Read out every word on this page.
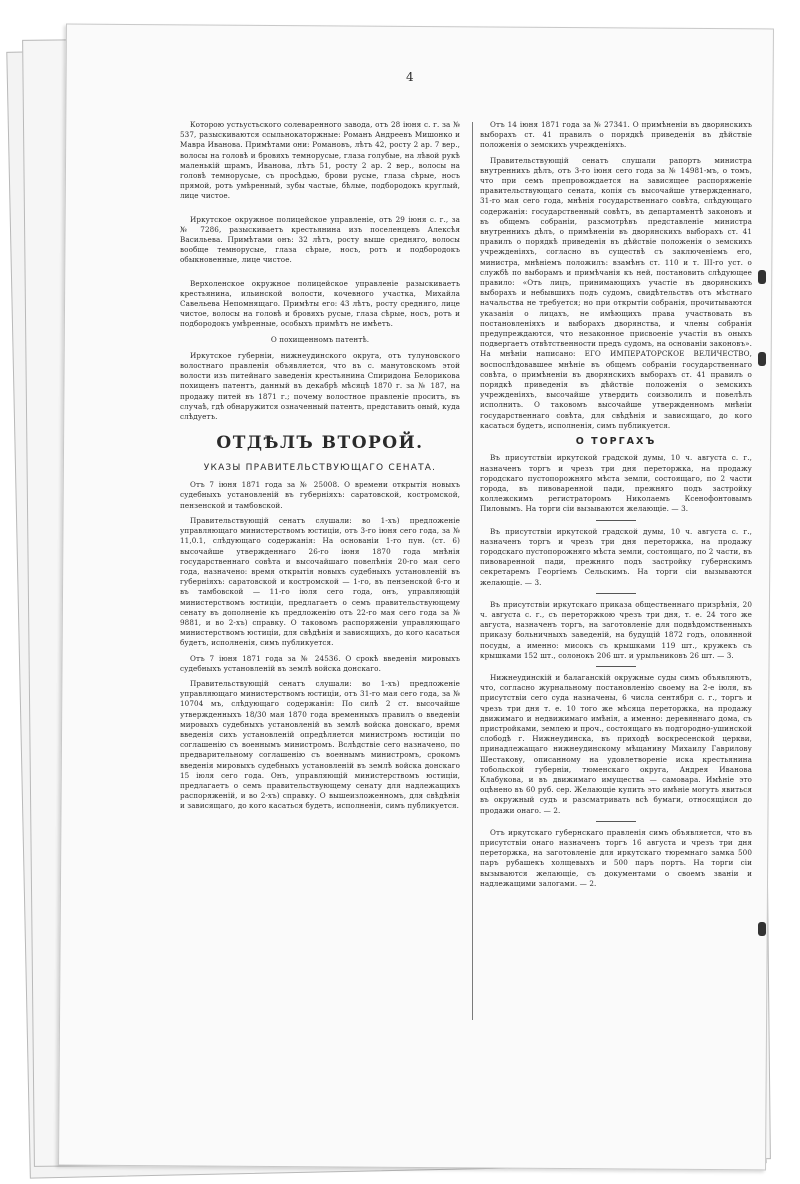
4

Которою устьустьского солеваренного завода, отъ 28 іюня с. г. за № 537, разыскиваются ссыльнокаторжные: Романъ Андреевъ Мишонко и Маврa Иванова. Примѣтами они: Романовъ, лѣтъ 42, росту 2 ар. 7 вер., волосы на головѣ и бровяхъ темнорусые, глаза голубые, на лѣвой рукѣ маленькій шрамъ, Иванова, лѣтъ 51, росту 2 ар. 2 вер., волосы на головѣ темнорусые, съ просѣдью, брови русые, глаза сѣрые, носъ прямой, ротъ умѣренный, зубы частые, бѣлые, подбородокъ круглый, лице чистое.

Иркутское окружное полицейское управленіе, отъ 29 іюня с. г., за № 7286, разыскиваетъ крестьянина изъ поселенцевъ Алексѣя Васильева. Примѣтами онъ: 32 лѣтъ, росту выше средняго, волосы вообще темнорусые, глаза сѣрые, носъ, ротъ и подбородокъ обыкновенные, лице чистое.

Верхоленское окружное полицейское управленіе разыскиваетъ крестьянина, ильинской волости, кочевного участка, Михайла Савельева Непомнящаго. Примѣты его: 43 лѣтъ, росту средняго, лице чистое, волосы на головѣ и бровяхъ русые, глаза сѣрые, носъ, ротъ и подбородокъ умѣренные, особыхъ примѣтъ не имѣетъ.

О похищенномъ патентѣ.

Иркутское губерніи, нижнеудинского округа, отъ тулуновского волостнаго правленія объявляется, что въ с. манутовскомъ этой волости изъ питейнаго заведенія крестьянина Спиридона Белорикова похищенъ патентъ, данный въ декабрѣ мѣсяцѣ 1870 г. за № 187, на продажу питей въ 1871 г.; почему волостное правленіе проситъ, въ случаѣ, гдѣ обнаружится означенный патентъ, представить оный, куда слѣдуетъ.

ОТДѢЛЪ ВТОРОЙ.
УКАЗЫ ПРАВИТЕЛЬСТВУЮЩАГО СЕНАТА.

Отъ 7 іюня 1871 года за № 25008. О времени открытія новыхъ судебныхъ установленій въ губерніяхъ: саратовской, костромской, пензенской и тамбовской.

Правительствующій сенатъ слушали: во 1-хъ) предложеніе управляющаго министерствомъ юстиціи, отъ 3-го іюня сего года, за № 11,0.1, слѣдующаго содержанія: На основаніи 1-го пун. (ст. 6) высочайше утвержденнаго 26-го іюня 1870 года мнѣнія государственнаго совѣта и высочайшаго повелѣнія 20-го мая сего года, назначено: время открытія новыхъ судебныхъ установленій въ губерніяхъ: саратовской и костромской — 1-го, въ пензенской 6-го и въ тамбовской — 11-го іюля сего года, онъ, управляющій министерствомъ юстиціи, предлагаетъ о семъ правительствующему сенату въ дополненіе къ предложенію отъ 22-го мая сего года за № 9881, и во 2-хъ) справку. О таковомъ распоряженіи управляющаго министерствомъ юстиціи, для свѣдѣнія и зависящихъ, до кого касаться будетъ, исполненія, симъ публикуется.

Отъ 7 іюня 1871 года за № 24536. О срокѣ введенія мировыхъ судебныхъ установленій въ землѣ войска донскаго.

Правительствующій сенатъ слушали: во 1-хъ) предложеніе управляющаго министерствомъ юстиціи, отъ 31-го мая сего года, за № 10704 мъ, слѣдующаго содержанія: По силѣ 2 ст. высочайше утвержденныхъ 18/30 мая 1870 года временныхъ правилъ о введеніи мировыхъ судебныхъ установленій въ землѣ войска донскаго, время введенія сихъ установленій опредѣляется министромъ юстиціи по соглашенію съ военнымъ министромъ. Вслѣдствіе сего назначено, по предварительному соглашенію съ военнымъ министромъ, срокомъ введенія мировыхъ судебныхъ установленій въ землѣ войска донскаго 15 іюля сего года. Онъ, управляющій министерствомъ юстиціи, предлагаетъ о семъ правительствующему сенату для надлежащихъ распоряженій, и во 2-хъ) справку. О вышеизложенномъ, для свѣдѣнія и зависящаго, до кого касаться будетъ, исполненія, симъ публикуется.

Отъ 14 іюня 1871 года за № 27341. О примѣненіи въ дворянскихъ выборахъ ст. 41 правилъ о порядкѣ приведенія въ дѣйствіе положенія о земскихъ учрежденіяхъ.

Правительствующій сенатъ слушали рапортъ министра внутреннихъ дѣлъ, отъ 3-го іюня сего года за № 14981-мъ, о томъ, что при семъ препровождается на зависящее распоряженіе правительствующаго сената, копія съ высочайше утвержденнаго, 31-го мая сего года, мнѣнія государственнаго совѣта, слѣдующаго содержанія: государственный совѣтъ, въ департаментѣ законовъ и въ общемъ собраніи, разсмотрѣвъ представленіе министра внутреннихъ дѣлъ, о примѣненіи въ дворянскихъ выборахъ ст. 41 правилъ о порядкѣ приведенія въ дѣйствіе положенія о земскихъ учрежденіяхъ, согласно въ существѣ съ заключеніемъ его, министра, мнѣніемъ положилъ: взамѣнъ ст. 110 и т. III-го уст. о службѣ по выборамъ и примѣчанія къ ней, постановить слѣдующее правило: «Отъ лицъ, принимающихъ участіе въ дворянскихъ выборахъ и небывшихъ подъ судомъ, свидѣтельствъ отъ мѣстнаго начальства не требуется; но при открытіи собранія, прочитываются указанія о лицахъ, не имѣющихъ права участвовать въ постановленіяхъ и выборахъ дворянства, и члены собранія предупреждаются, что незаконное присвоеніе участія въ оныхъ подвергаетъ отвѣтственности предъ судомъ, на основаніи законовъ». На мнѣніи написано: ЕГО ИМПЕРАТОРСКОЕ ВЕЛИЧЕСТВО, воспослѣдовавшее мнѣніе въ общемъ собраніи государственнаго совѣта, о примѣненіи въ дворянскихъ выборахъ ст. 41 правилъ о порядкѣ приведенія въ дѣйствіе положенія о земскихъ учрежденіяхъ, высочайше утвердить соизволилъ и повелѣлъ исполнить. О таковомъ высочайше утвержденномъ мнѣніи государственнаго совѣта, для свѣдѣнія и зависящаго, до кого касаться будетъ, исполненія, симъ публикуется.

О ТОРГАХЪ

Въ присутствіи иркутской градской думы, 10 ч. августа с. г., назначенъ торгъ и чрезъ три дня переторжка, на продажу городскаго пустопорожняго мѣста земли, состоящаго, по 2 части города, въ пивоваренной пади, прежняго подъ застройку коллежскимъ регистраторомъ Николаемъ Ксенофонтовымъ Пиловымъ. На торги сіи вызываются желающіе. — 3.

Въ присутствіи иркутской градской думы, 10 ч. августа с. г., назначенъ торгъ и чрезъ три дня переторжка, на продажу городскаго пустопорожняго мѣста земли, состоящаго, по 2 части, въ пивоваренной пади, прежняго подъ застройку губернскимъ секретаремъ Георгіемъ Сельскимъ. На торги сіи вызываются желающіе. — 3.

Въ присутствіи иркутскаго приказа общественнаго призрѣнія, 20 ч. августа с. г., съ переторжкою чрезъ три дня, т. е. 24 того же августа, назначенъ торгъ, на заготовленіе для подвѣдомственныхъ приказу больничныхъ заведеній, на будущій 1872 годъ, оловянной посуды, а именно: мисокъ съ крышками 119 шт., кружекъ съ крышками 152 шт., солонокъ 206 шт. и урыльниковъ 26 шт. — 3.

Нижнеудинскій и балаганскій окружные суды симъ объявляютъ, что, согласно журнальному постановленію своему на 2-е іюля, въ присутствіи сего суда назначены, 6 числа сентября с. г., торгъ и чрезъ три дня т. е. 10 того же мѣсяца переторжка, на продажу движимаго и недвижимаго имѣнія, а именно: деревяннаго дома, съ пристройками, землею и проч., состоящаго въ подгородно-ушинской слободѣ г. Нижнеудинска, въ приходѣ воскресенской церкви, принадлежащаго нижнеудинскому мѣщанину Михаилу Гаврилову Шестакову, описанному на удовлетвореніе иска крестьянина тобольской губерніи, тюменскаго округа, Андрея Иванова Клабукова, и въ движимаго имущества — самовара. Имѣніе это оцѣнено въ 60 руб. сер. Желающіе купить это имѣніе могутъ явиться въ окружный судъ и разсматривать всѣ бумаги, относящіяся до продажи онаго. — 2.

Отъ иркутскаго губернскаго правленія симъ объявляется, что въ присутствіи онаго назначенъ торгъ 16 августа и чрезъ три дня переторжка, на заготовленіе для иркутскаго тюремнаго замка 500 паръ рубашекъ холщевыхъ и 500 паръ портъ. На торги сіи вызываются желающіе, съ документами о своемъ званіи и надлежащими залогами. — 2.
